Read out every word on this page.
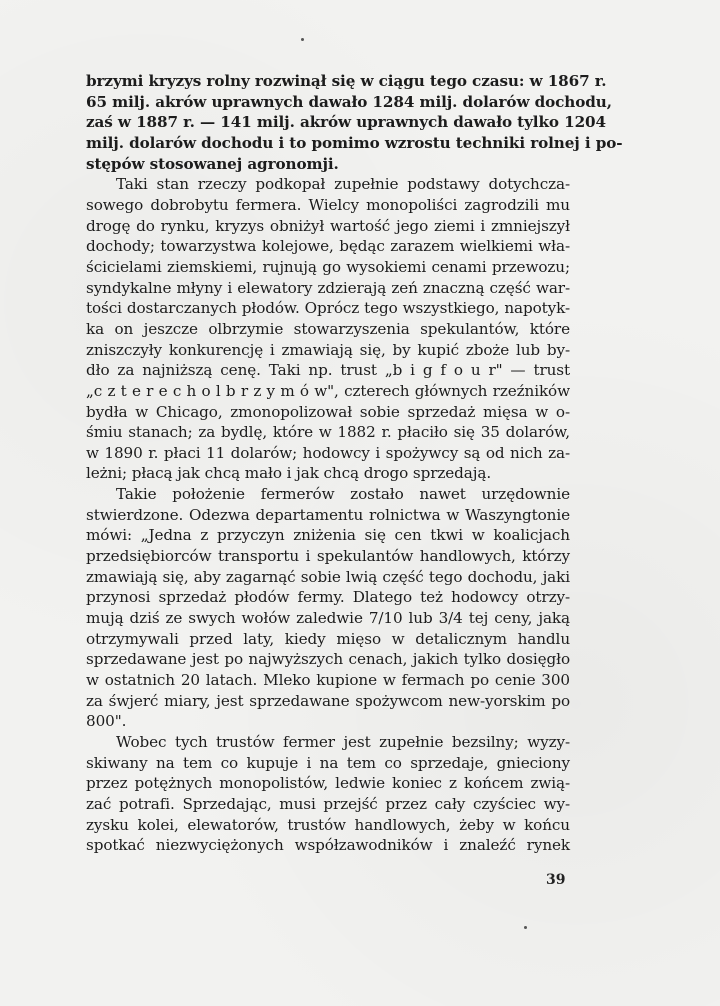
brzymi kryzys rolny rozwinął się w ciągu tego czasu: w 1867 r.
65 milj. akrów uprawnych dawało 1284 milj. dolarów dochodu,
zaś w 1887 r. — 141 milj. akrów uprawnych dawało tylko 1204
milj. dolarów dochodu i to pomimo wzrostu techniki rolnej i po-
stępów stosowanej agronomji.
Taki stan rzeczy podkopał zupełnie podstawy dotychcza-
sowego dobrobytu fermera. Wielcy monopoliści zagrodzili mu
drogę do rynku, kryzys obniżył wartość jego ziemi i zmniejszył
dochody; towarzystwa kolejowe, będąc zarazem wielkiemi wła-
ścicielami ziemskiemi, rujnują go wysokiemi cenami przewozu;
syndykalne młyny i elewatory zdzierają zeń znaczną część war-
tości dostarczanych płodów. Oprócz tego wszystkiego, napotyk-
ka on jeszcze olbrzymie stowarzyszenia spekulantów, które
zniszczyły konkurencję i zmawiają się, by kupić zboże lub by-
dło za najniższą cenę. Taki np. trust „b i g f o u r" — trust
„c z t e r e c h o l b r z y m ó w", czterech głównych rzeźników
bydła w Chicago, zmonopolizował sobie sprzedaż mięsa w o-
śmiu stanach; za bydlę, które w 1882 r. płaciło się 35 dolarów,
w 1890 r. płaci 11 dolarów; hodowcy i spożywcy są od nich za-
leżni; płacą jak chcą mało i jak chcą drogo sprzedają.
Takie położenie fermerów zostało nawet urzędownie
stwierdzone. Odezwa departamentu rolnictwa w Waszyngtonie
mówi: „Jedna z przyczyn zniżenia się cen tkwi w koalicjach
przedsiębiorców transportu i spekulantów handlowych, którzy
zmawiają się, aby zagarnąć sobie lwią część tego dochodu, jaki
przynosi sprzedaż płodów fermy. Dlatego też hodowcy otrzy-
mują dziś ze swych wołów zaledwie 7/10 lub 3/4 tej ceny, jaką
otrzymywali przed laty, kiedy mięso w detalicznym handlu
sprzedawane jest po najwyższych cenach, jakich tylko dosięgło
w ostatnich 20 latach. Mleko kupione w fermach po cenie 300
za śwjerć miary, jest sprzedawane spożywcom new-yorskim po
800".
Wobec tych trustów fermer jest zupełnie bezsilny; wyzy-
skiwany na tem co kupuje i na tem co sprzedaje, gnieciony
przez potężnych monopolistów, ledwie koniec z końcem zwią-
zać potrafi. Sprzedając, musi przejść przez cały czyściec wy-
zysku kolei, elewatorów, trustów handlowych, żeby w końcu
spotkać niezwyciężonych współzawodników i znaleźć rynek
39
